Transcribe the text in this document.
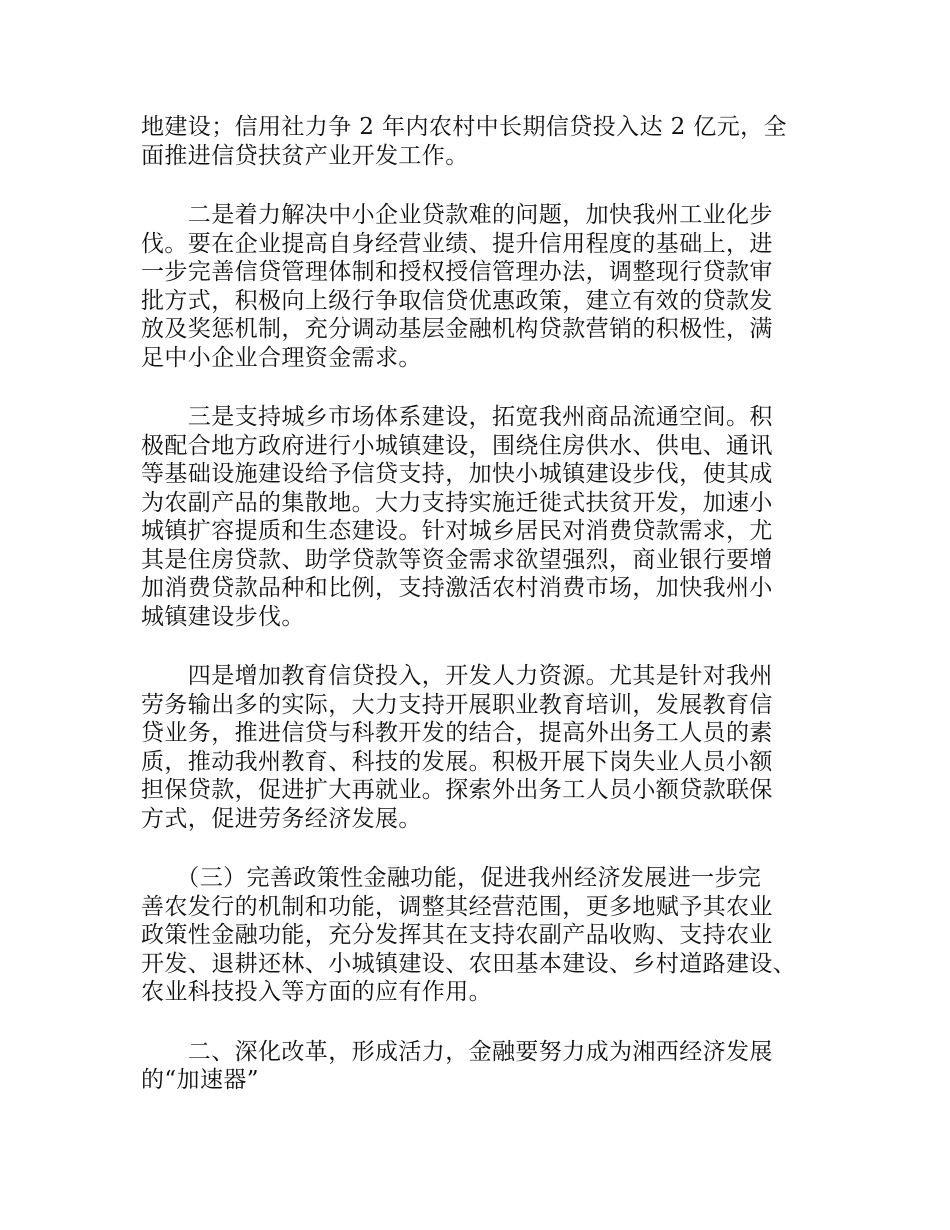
地建设；信用社力争 2 年内农村中长期信贷投入达 2 亿元，全
面推进信贷扶贫产业开发工作。

　　二是着力解决中小企业贷款难的问题，加快我州工业化步
伐。要在企业提高自身经营业绩、提升信用程度的基础上，进
一步完善信贷管理体制和授权授信管理办法，调整现行贷款审
批方式，积极向上级行争取信贷优惠政策，建立有效的贷款发
放及奖惩机制，充分调动基层金融机构贷款营销的积极性，满
足中小企业合理资金需求。

　　三是支持城乡市场体系建设，拓宽我州商品流通空间。积
极配合地方政府进行小城镇建设，围绕住房供水、供电、通讯
等基础设施建设给予信贷支持，加快小城镇建设步伐，使其成
为农副产品的集散地。大力支持实施迁徙式扶贫开发，加速小
城镇扩容提质和生态建设。针对城乡居民对消费贷款需求，尤
其是住房贷款、助学贷款等资金需求欲望强烈，商业银行要增
加消费贷款品种和比例，支持激活农村消费市场，加快我州小
城镇建设步伐。

　　四是增加教育信贷投入，开发人力资源。尤其是针对我州
劳务输出多的实际，大力支持开展职业教育培训，发展教育信
贷业务，推进信贷与科教开发的结合，提高外出务工人员的素
质，推动我州教育、科技的发展。积极开展下岗失业人员小额
担保贷款，促进扩大再就业。探索外出务工人员小额贷款联保
方式，促进劳务经济发展。

　　（三）完善政策性金融功能，促进我州经济发展进一步完
善农发行的机制和功能，调整其经营范围，更多地赋予其农业
政策性金融功能，充分发挥其在支持农副产品收购、支持农业
开发、退耕还林、小城镇建设、农田基本建设、乡村道路建设、
农业科技投入等方面的应有作用。

　　二、深化改革，形成活力，金融要努力成为湘西经济发展
的“加速器”
